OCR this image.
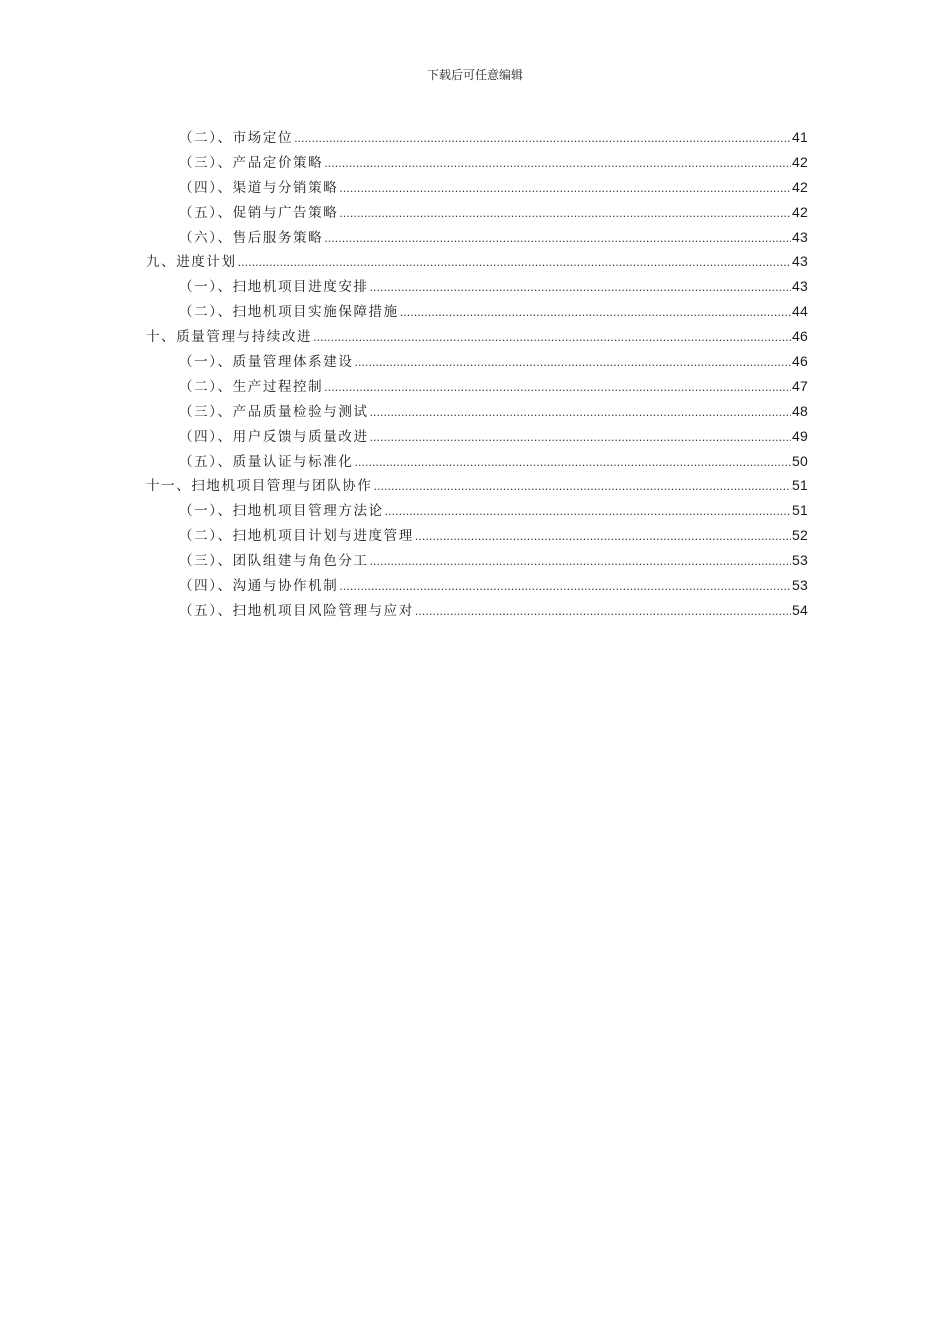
下载后可任意编辑
（二）、市场定位 .....	41
（三）、产品定价策略 .....	42
（四）、渠道与分销策略 .....	42
（五）、促销与广告策略 .....	42
（六）、售后服务策略 .....	43
九、进度计划 .....	43
（一）、扫地机项目进度安排 .....	43
（二）、扫地机项目实施保障措施 .....	44
十、质量管理与持续改进 .....	46
（一）、质量管理体系建设 .....	46
（二）、生产过程控制 .....	47
（三）、产品质量检验与测试 .....	48
（四）、用户反馈与质量改进 .....	49
（五）、质量认证与标准化 .....	50
十一、扫地机项目管理与团队协作 .....	51
（一）、扫地机项目管理方法论 .....	51
（二）、扫地机项目计划与进度管理 .....	52
（三）、团队组建与角色分工 .....	53
（四）、沟通与协作机制 .....	53
（五）、扫地机项目风险管理与应对 .....	54
